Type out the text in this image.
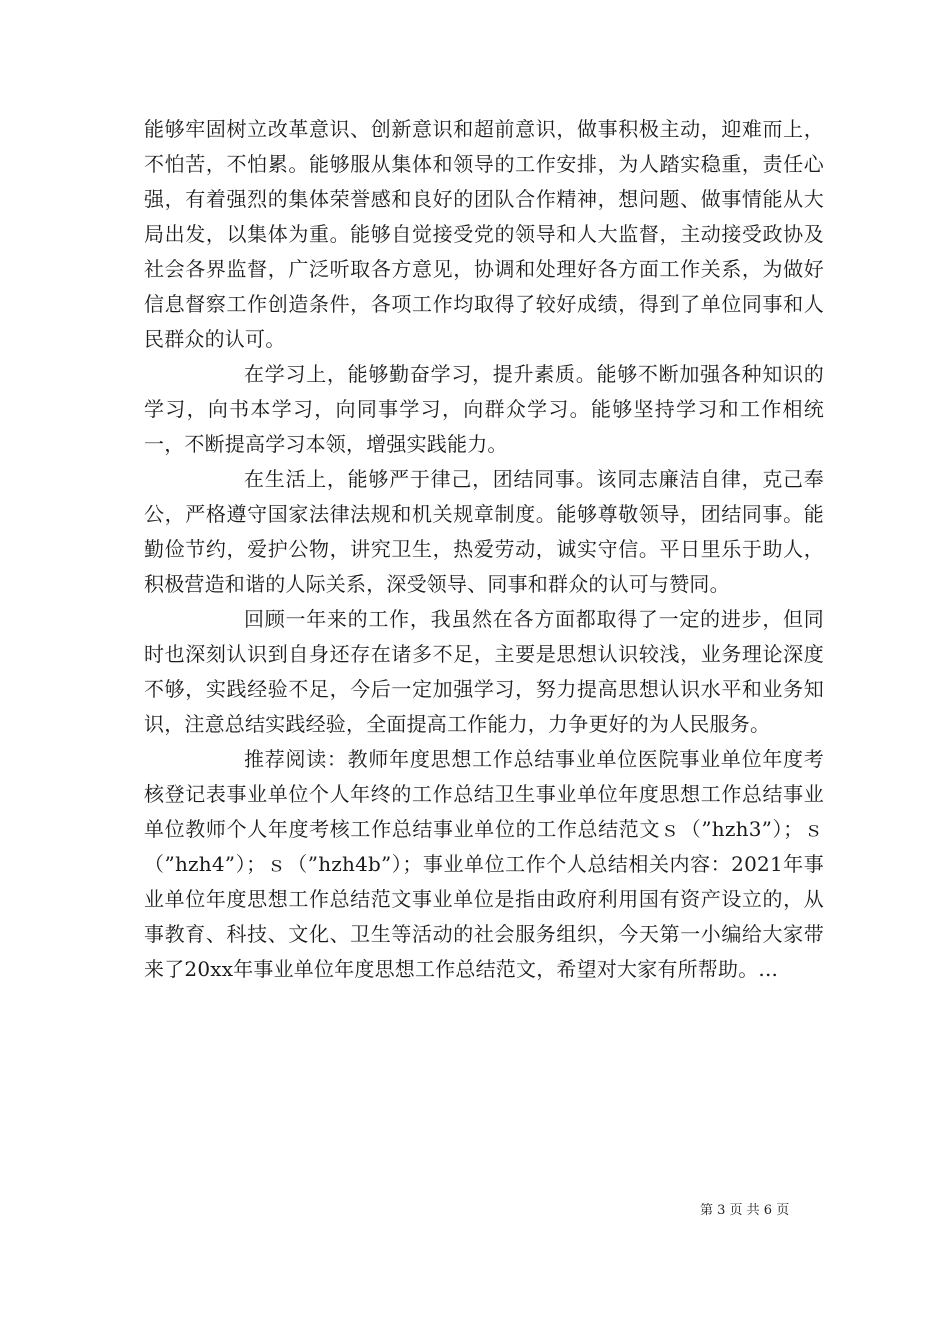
能够牢固树立改革意识、创新意识和超前意识，做事积极主动，迎难而上，不怕苦，不怕累。能够服从集体和领导的工作安排，为人踏实稳重，责任心强，有着强烈的集体荣誉感和良好的团队合作精神，想问题、做事情能从大局出发，以集体为重。能够自觉接受党的领导和人大监督，主动接受政协及社会各界监督，广泛听取各方意见，协调和处理好各方面工作关系，为做好信息督察工作创造条件，各项工作均取得了较好成绩，得到了单位同事和人民群众的认可。

在学习上，能够勤奋学习，提升素质。能够不断加强各种知识的学习，向书本学习，向同事学习，向群众学习。能够坚持学习和工作相统一，不断提高学习本领，增强实践能力。

在生活上，能够严于律己，团结同事。该同志廉洁自律，克己奉公，严格遵守国家法律法规和机关规章制度。能够尊敬领导，团结同事。能勤俭节约，爱护公物，讲究卫生，热爱劳动，诚实守信。平日里乐于助人，积极营造和谐的人际关系，深受领导、同事和群众的认可与赞同。

回顾一年来的工作，我虽然在各方面都取得了一定的进步，但同时也深刻认识到自身还存在诸多不足，主要是思想认识较浅，业务理论深度不够，实践经验不足，今后一定加强学习，努力提高思想认识水平和业务知识，注意总结实践经验，全面提高工作能力，力争更好的为人民服务。

推荐阅读：教师年度思想工作总结事业单位医院事业单位年度考核登记表事业单位个人年终的工作总结卫生事业单位年度思想工作总结事业单位教师个人年度考核工作总结事业单位的工作总结范文ｓ（”hzh3”）；ｓ（”hzh4”）；ｓ（”hzh4b”）；事业单位工作个人总结相关内容：2021年事业单位年度思想工作总结范文事业单位是指由政府利用国有资产设立的，从事教育、科技、文化、卫生等活动的社会服务组织，今天第一小编给大家带来了20xx年事业单位年度思想工作总结范文，希望对大家有所帮助。...

第 3 页 共 6 页
